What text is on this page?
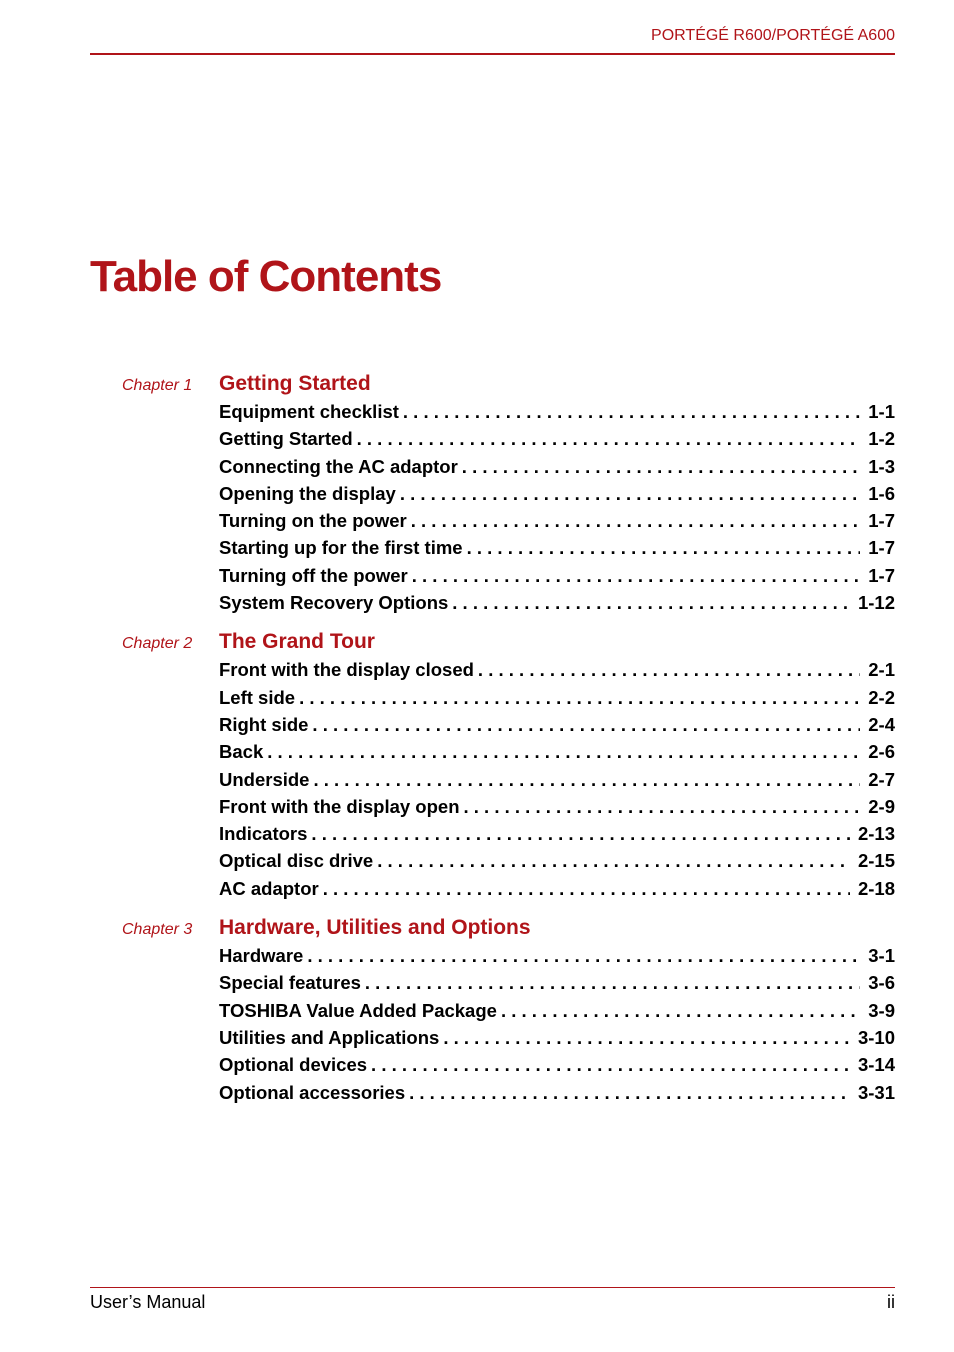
PORTÉGÉ R600/PORTÉGÉ A600
Table of Contents
Chapter 1 Getting Started
Equipment checklist . . .	1-1
Getting Started . . .	1-2
Connecting the AC adaptor . . .	1-3
Opening the display . . .	1-6
Turning on the power . . .	1-7
Starting up for the first time . . .	1-7
Turning off the power . . .	1-7
System Recovery Options . . .	1-12
Chapter 2 The Grand Tour
Front with the display closed . . .	2-1
Left side . . .	2-2
Right side . . .	2-4
Back . . .	2-6
Underside . . .	2-7
Front with the display open . . .	2-9
Indicators . . .	2-13
Optical disc drive . . .	2-15
AC adaptor . . .	2-18
Chapter 3 Hardware, Utilities and Options
Hardware . . .	3-1
Special features . . .	3-6
TOSHIBA Value Added Package . . .	3-9
Utilities and Applications . . .	3-10
Optional devices . . .	3-14
Optional accessories . . .	3-31
User’s Manual	ii
